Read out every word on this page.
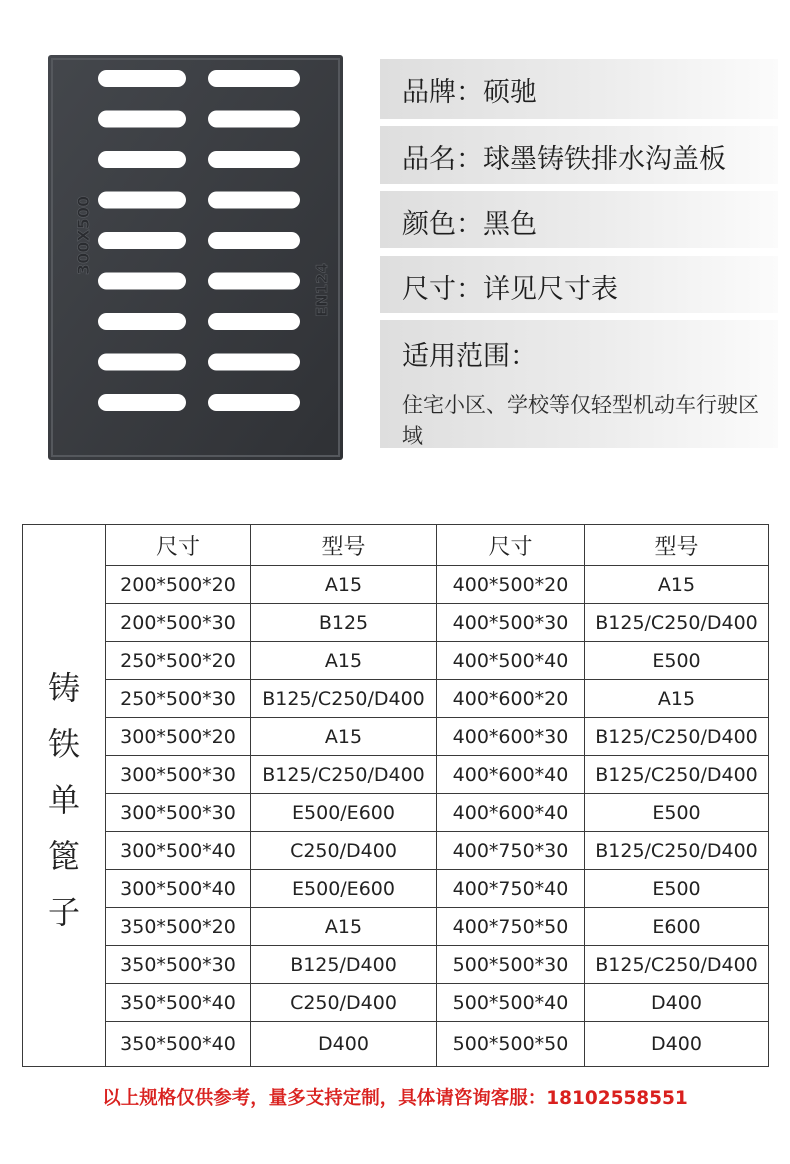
300X500
EN124
品牌：硕驰
品名：球墨铸铁排水沟盖板
颜色：黑色
尺寸：详见尺寸表
适用范围：
住宅小区、学校等仅轻型机动车行驶区域
铸
铁
单
篦
子	尺寸	型号	尺寸	型号
	200*500*20	A15	400*500*20	A15
	200*500*30	B125	400*500*30	B125/C250/D400
	250*500*20	A15	400*500*40	E500
	250*500*30	B125/C250/D400	400*600*20	A15
	300*500*20	A15	400*600*30	B125/C250/D400
	300*500*30	B125/C250/D400	400*600*40	B125/C250/D400
	300*500*30	E500/E600	400*600*40	E500
	300*500*40	C250/D400	400*750*30	B125/C250/D400
	300*500*40	E500/E600	400*750*40	E500
	350*500*20	A15	400*750*50	E600
	350*500*30	B125/D400	500*500*30	B125/C250/D400
	350*500*40	C250/D400	500*500*40	D400
	350*500*40	D400	500*500*50	D400
以上规格仅供参考，量多支持定制，具体请咨询客服：18102558551
